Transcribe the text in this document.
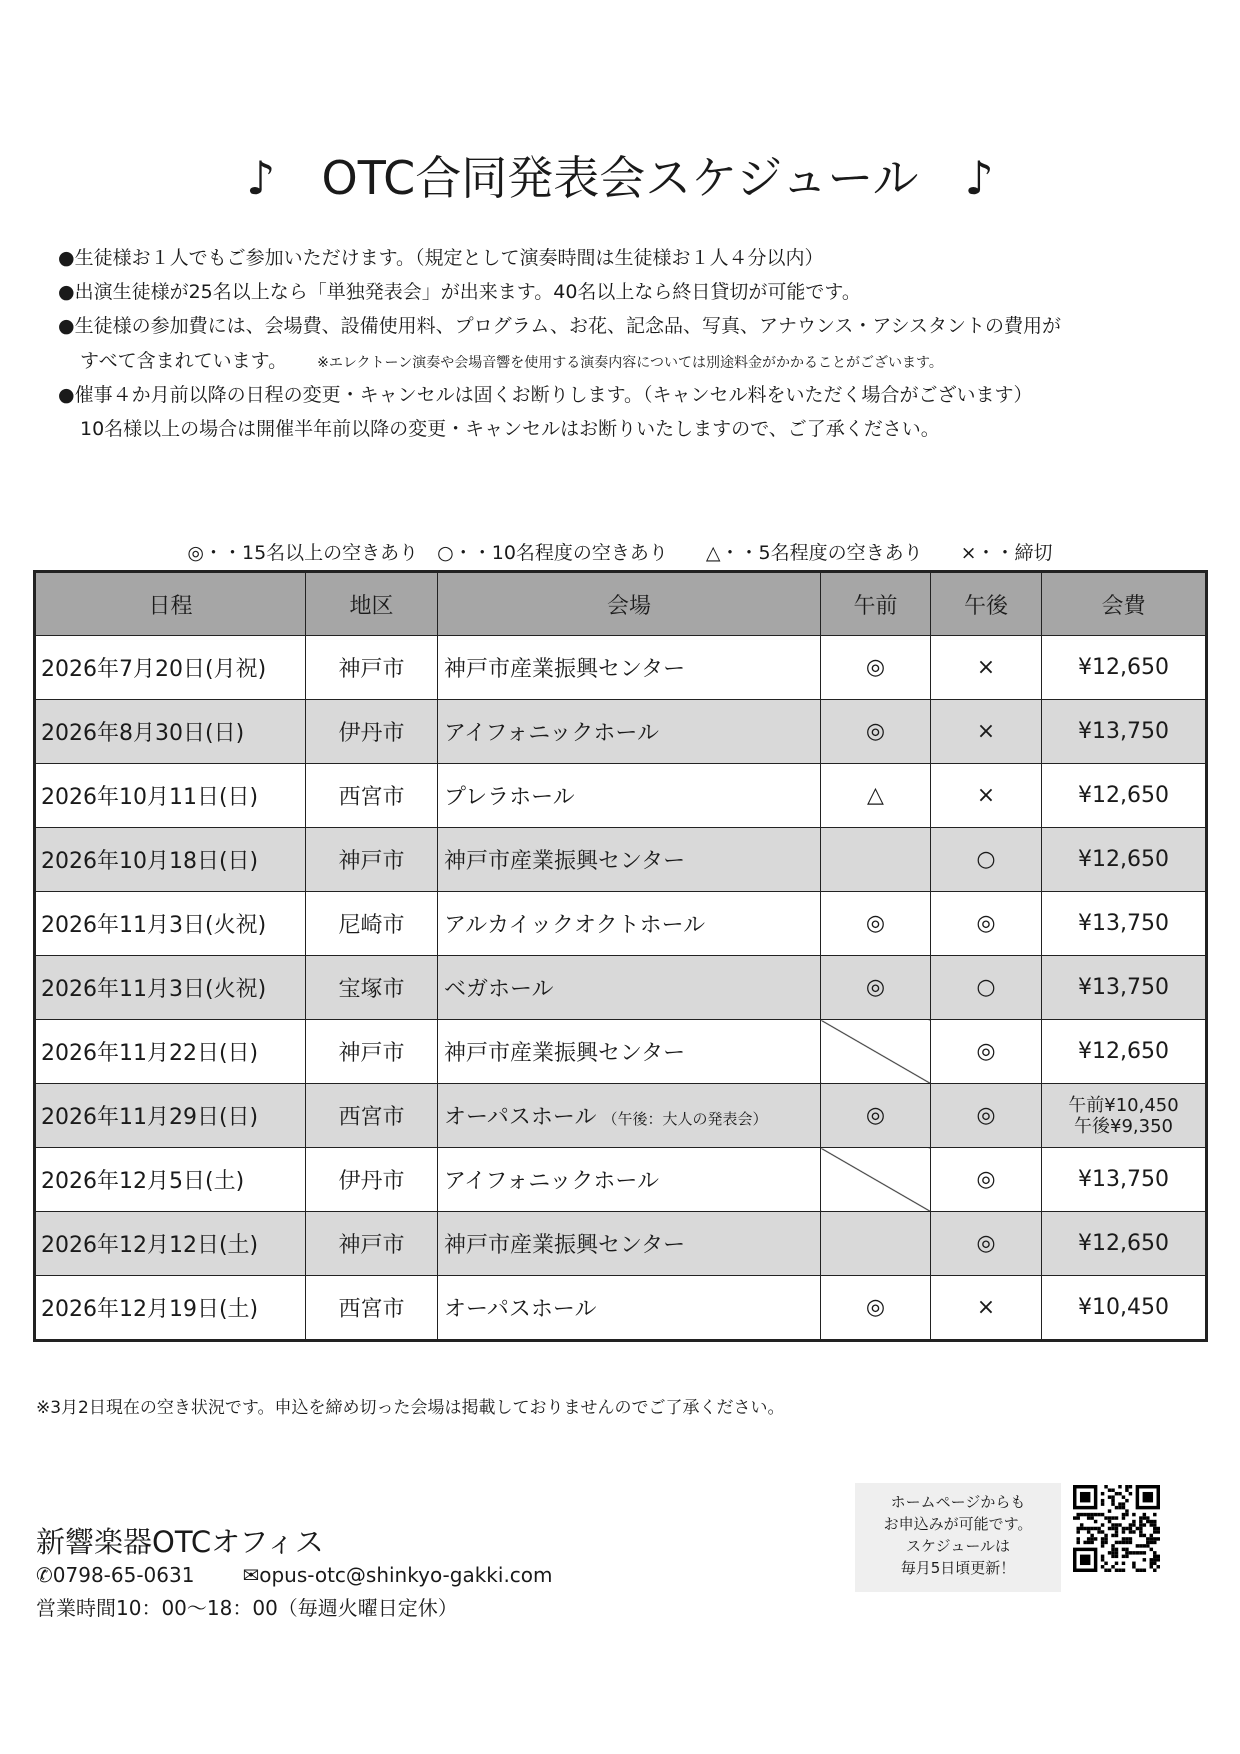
♪　OTC合同発表会スケジュール　♪
●生徒様お１人でもご参加いただけます。（規定として演奏時間は生徒様お１人４分以内）
●出演生徒様が25名以上なら「単独発表会」が出来ます。40名以上なら終日貸切が可能です。
●生徒様の参加費には、会場費、設備使用料、プログラム、お花、記念品、写真、アナウンス・アシスタントの費用が
すべて含まれています。 ※エレクトーン演奏や会場音響を使用する演奏内容については別途料金がかかることがございます。
●催事４か月前以降の日程の変更・キャンセルは固くお断りします。（キャンセル料をいただく場合がございます）
10名様以上の場合は開催半年前以降の変更・キャンセルはお断りいたしますので、ご了承ください。
◎・・15名以上の空きあり　○・・10名程度の空きあり　　△・・5名程度の空きあり　　×・・締切
日程	地区	会場	午前	午後	会費
2026年7月20日(月祝)	神戸市	神戸市産業振興センター	◎	×	¥12,650
2026年8月30日(日)	伊丹市	アイフォニックホール	◎	×	¥13,750
2026年10月11日(日)	西宮市	プレラホール	△	×	¥12,650
2026年10月18日(日)	神戸市	神戸市産業振興センター		○	¥12,650
2026年11月3日(火祝)	尼崎市	アルカイックオクトホール	◎	◎	¥13,750
2026年11月3日(火祝)	宝塚市	ベガホール	◎	○	¥13,750
2026年11月22日(日)	神戸市	神戸市産業振興センター		◎	¥12,650
2026年11月29日(日)	西宮市	オーパスホール （午後：大人の発表会）	◎	◎	午前¥10,450
午後¥9,350

2026年12月5日(土)	伊丹市	アイフォニックホール		◎	¥13,750
2026年12月12日(土)	神戸市	神戸市産業振興センター		◎	¥12,650
2026年12月19日(土)	西宮市	オーパスホール	◎	×	¥10,450
※3月2日現在の空き状況です。申込を締め切った会場は掲載しておりませんのでご了承ください。
新響楽器OTCオフィス
✆0798-65-0631 ✉opus-otc@shinkyo-gakki.com
営業時間10：00～18：00（毎週火曜日定休）
ホームページからも
お申込みが可能です。
スケジュールは
毎月5日頃更新！
